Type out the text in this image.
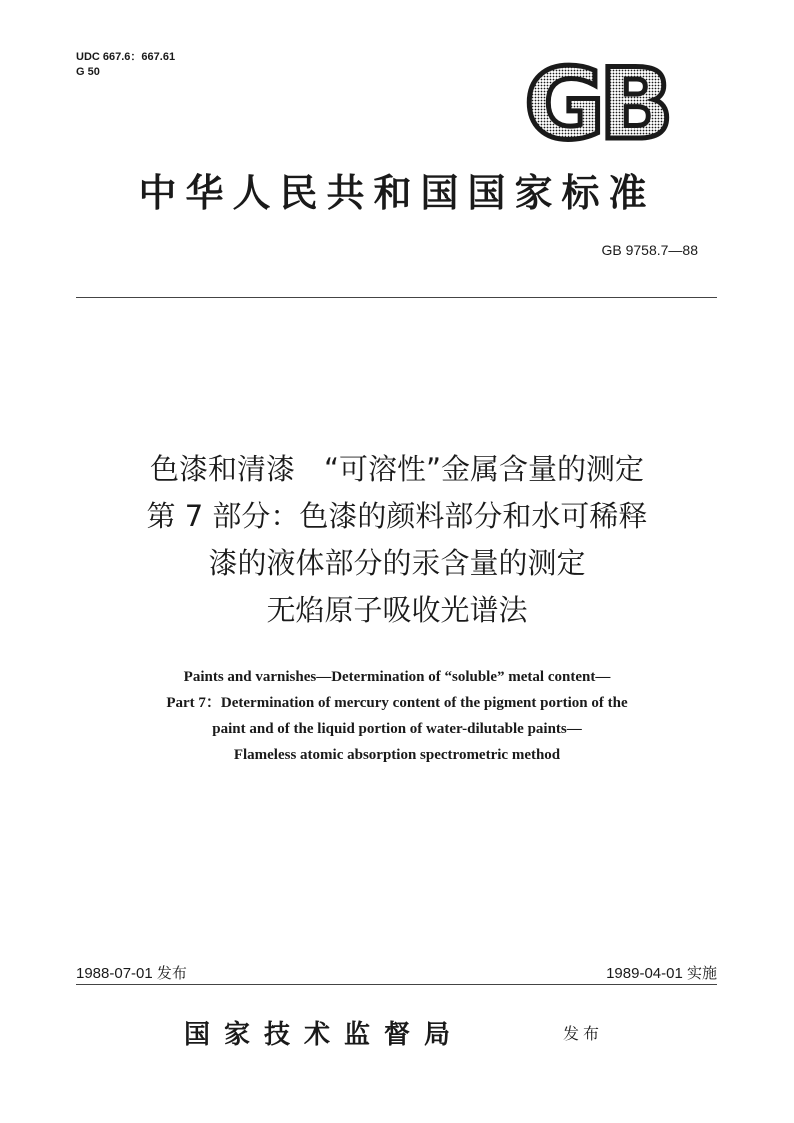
UDC 667.6：667.61
G 50	GB
中华人民共和国国家标准
GB 9758.7—88
色漆和清漆　“可溶性”金属含量的测定
第 7 部分：色漆的颜料部分和水可稀释
漆的液体部分的汞含量的测定
无焰原子吸收光谱法
Paints and varnishes—Determination of “soluble” metal content—
Part 7：Determination of mercury content of the pigment portion of the
paint and of the liquid portion of water-dilutable paints—
Flameless atomic absorption spectrometric method
1988-07-01 发布	1989-04-01 实施
国家技术监督局	发布
